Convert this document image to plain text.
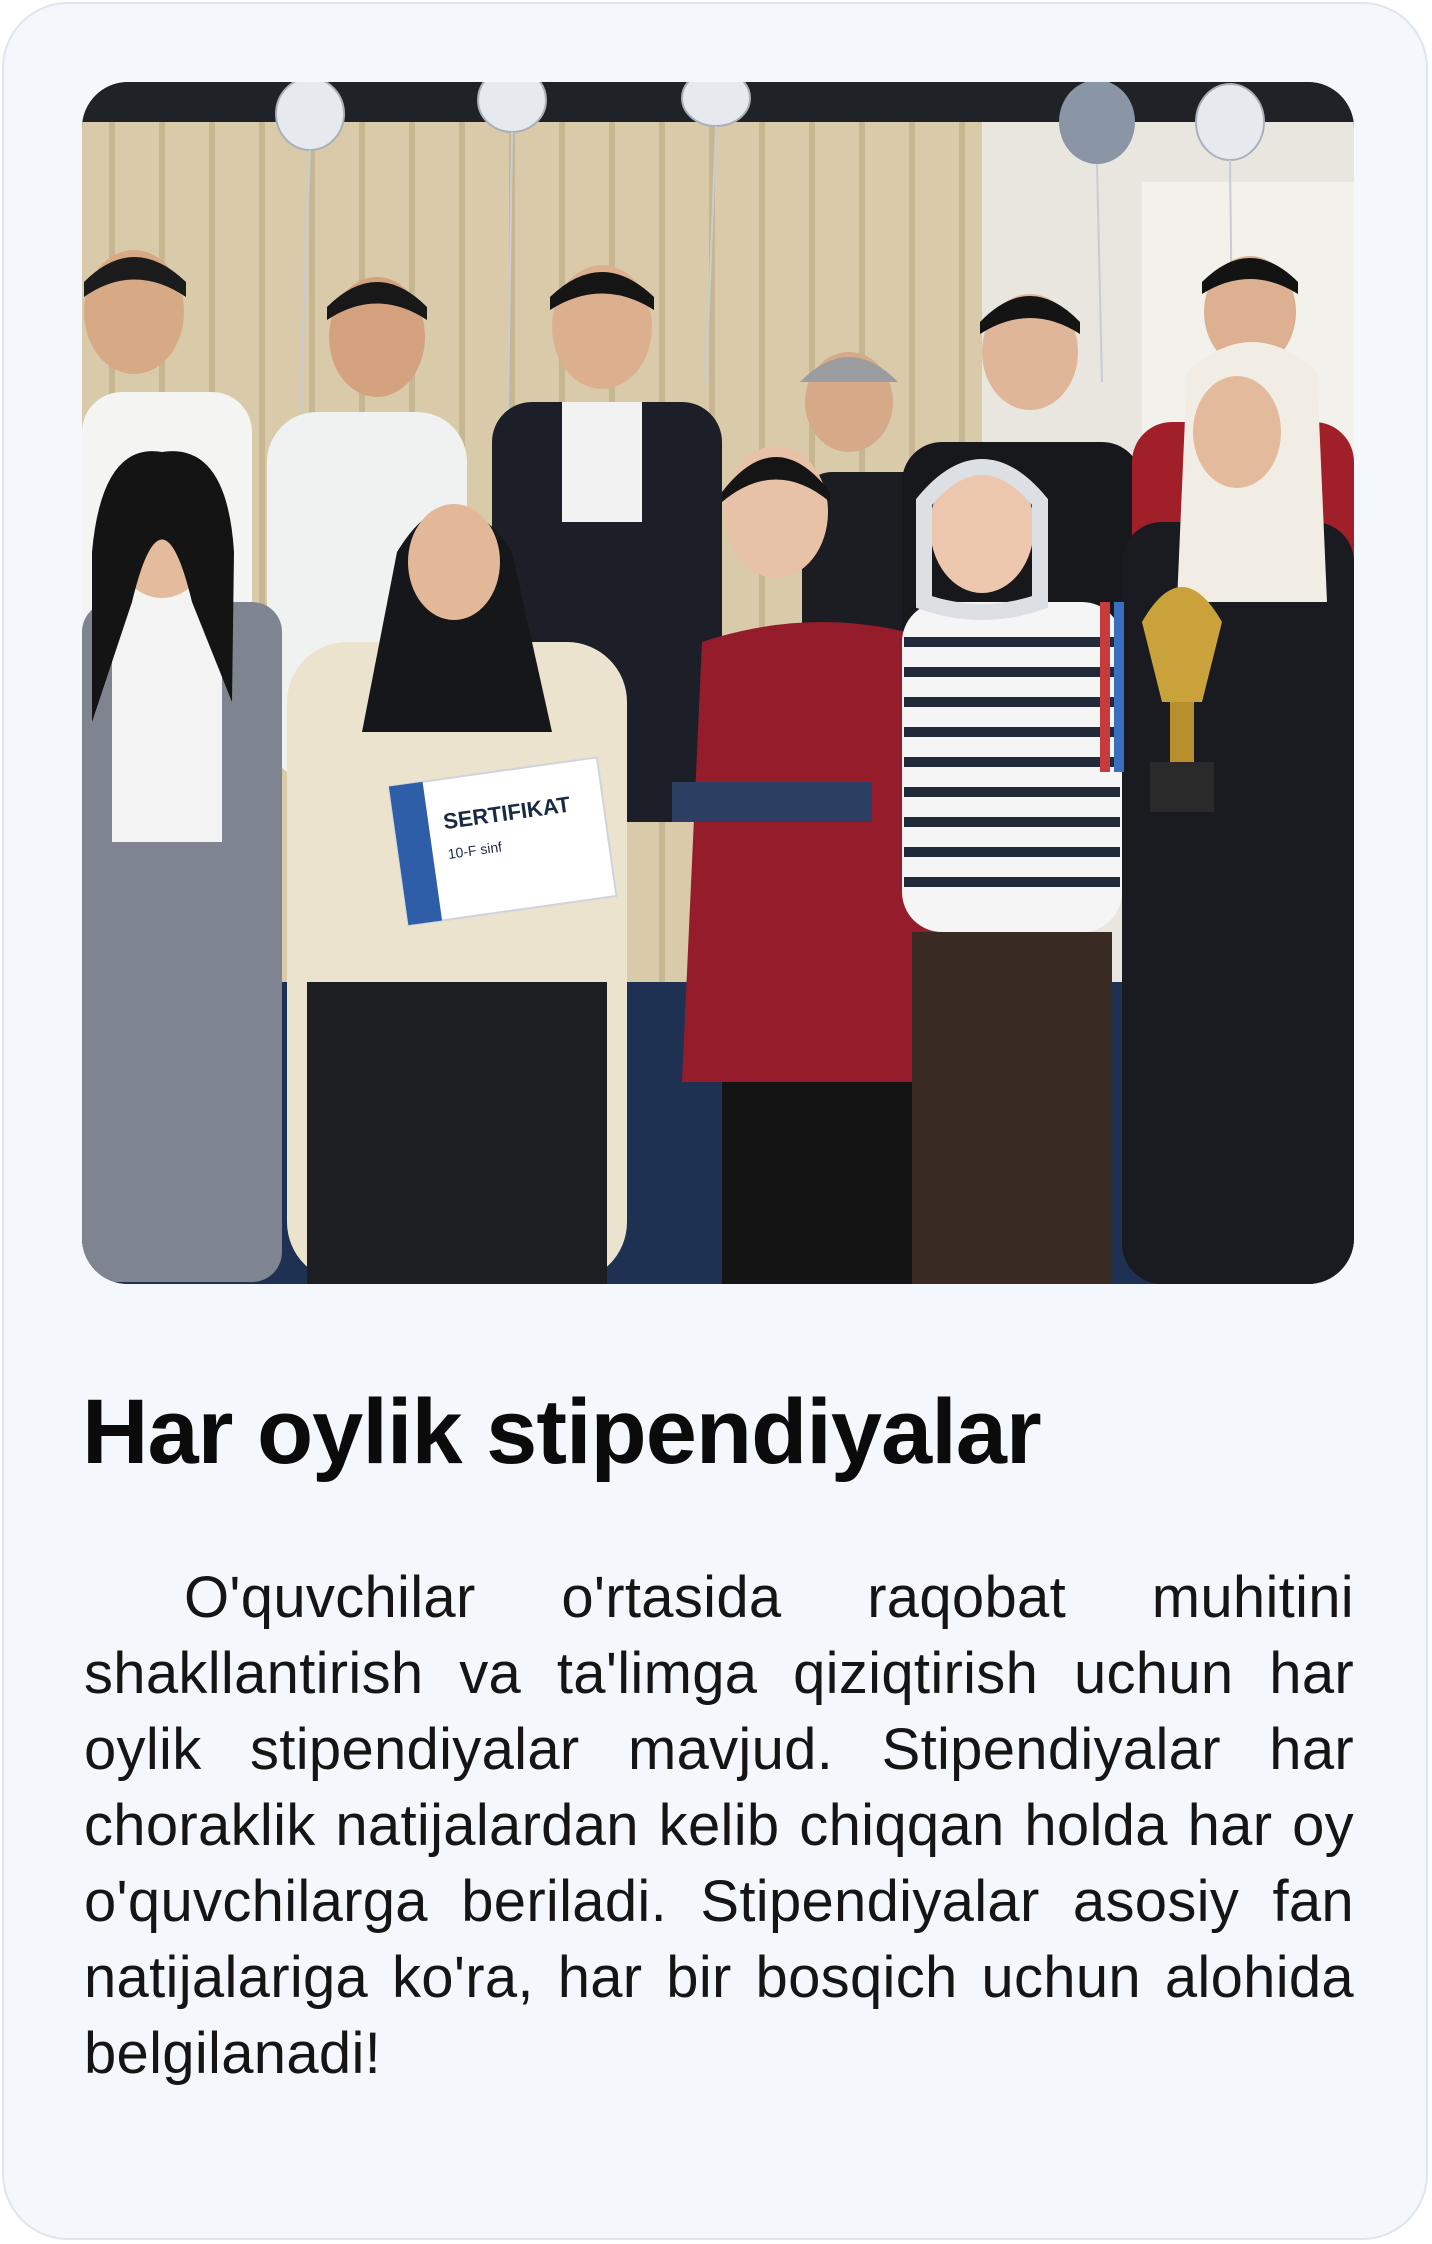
SERTIFIKAT
10-F sinf
Har oylik stipendiyalar

O'quvchilar o'rtasida raqobat muhitini shakllantirish va ta'limga qiziqtirish uchun har oylik stipendiyalar mavjud. Stipendiyalar har choraklik natijalardan kelib chiqqan holda har oy o'quvchilarga beriladi. Stipendiyalar asosiy fan natijalariga ko'ra, har bir bosqich uchun alohida belgilanadi!
